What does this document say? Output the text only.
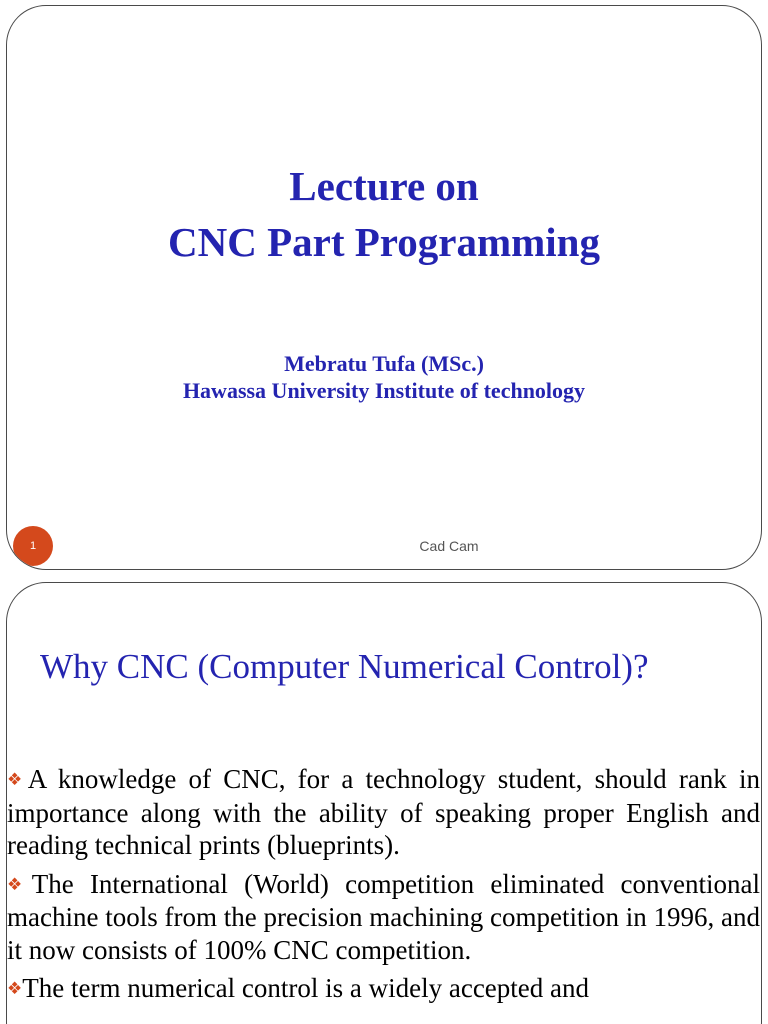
Lecture on
CNC Part Programming
Mebratu Tufa (MSc.)
Hawassa University Institute of technology
1	Cad Cam
Why CNC (Computer Numerical Control)?
❖A knowledge of CNC, for a technology student, should rank in importance along with the ability of speaking proper English and reading technical prints (blueprints).
❖The International (World) competition eliminated conventional machine tools from the precision machining competition in 1996, and it now consists of 100% CNC competition.
❖The term numerical control is a widely accepted and
